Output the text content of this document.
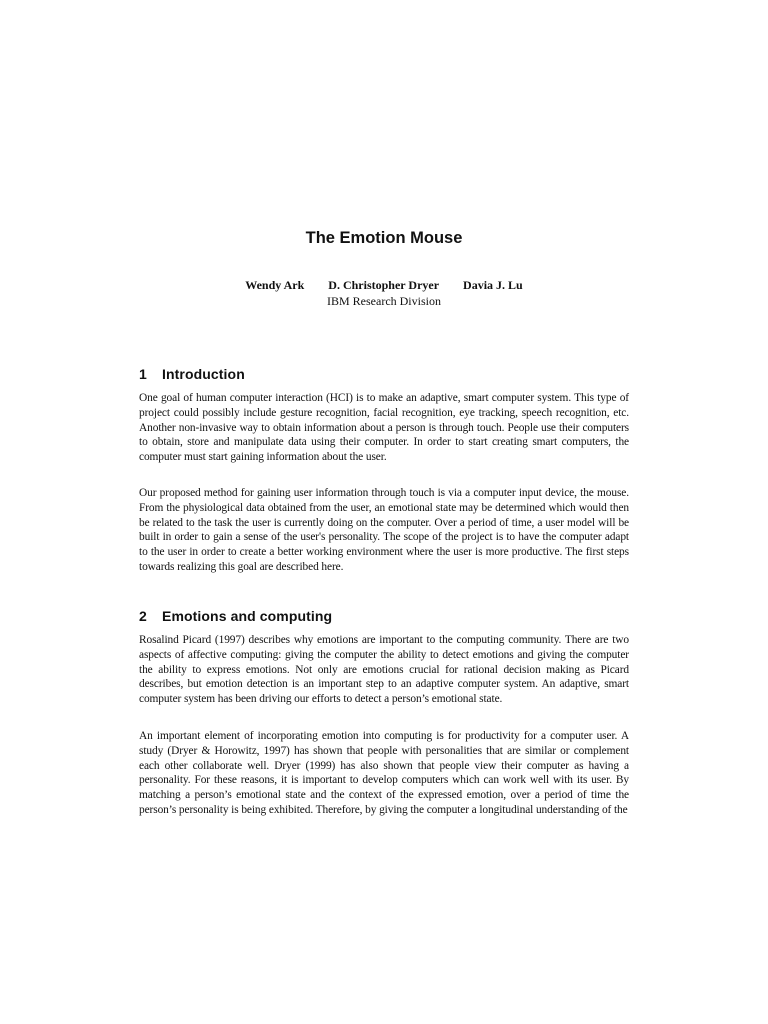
The Emotion Mouse
Wendy Ark D. Christopher Dryer Davia J. Lu
IBM Research Division
1 Introduction

One goal of human computer interaction (HCI) is to make an adaptive, smart computer system. This type of project could possibly include gesture recognition, facial recognition, eye tracking, speech recognition, etc. Another non-invasive way to obtain information about a person is through touch. People use their computers to obtain, store and manipulate data using their computer. In order to start creating smart computers, the computer must start gaining information about the user.

Our proposed method for gaining user information through touch is via a computer input device, the mouse. From the physiological data obtained from the user, an emotional state may be determined which would then be related to the task the user is currently doing on the computer. Over a period of time, a user model will be built in order to gain a sense of the user's personality. The scope of the project is to have the computer adapt to the user in order to create a better working environment where the user is more productive. The first steps towards realizing this goal are described here.

2 Emotions and computing

Rosalind Picard (1997) describes why emotions are important to the computing community. There are two aspects of affective computing: giving the computer the ability to detect emotions and giving the computer the ability to express emotions. Not only are emotions crucial for rational decision making as Picard describes, but emotion detection is an important step to an adaptive computer system. An adaptive, smart computer system has been driving our efforts to detect a person’s emotional state.

An important element of incorporating emotion into computing is for productivity for a computer user. A study (Dryer & Horowitz, 1997) has shown that people with personalities that are similar or complement each other collaborate well. Dryer (1999) has also shown that people view their computer as having a personality. For these reasons, it is important to develop computers which can work well with its user. By matching a person’s emotional state and the context of the expressed emotion, over a period of time the person’s personality is being exhibited. Therefore, by giving the computer a longitudinal understanding of the
